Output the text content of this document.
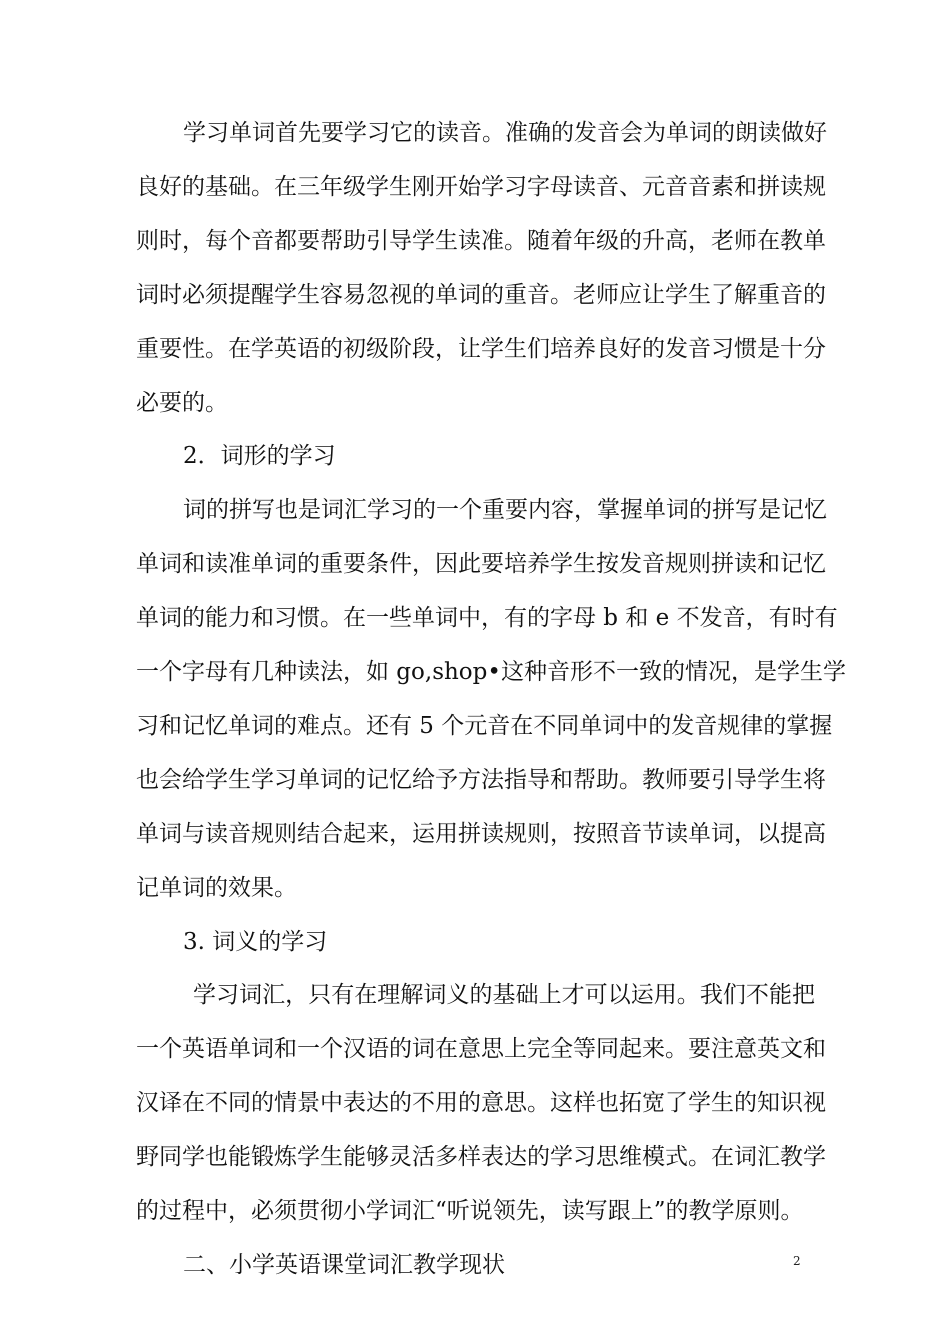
学习单词首先要学习它的读音。准确的发音会为单词的朗读做好
良好的基础。在三年级学生刚开始学习字母读音、元音音素和拼读规
则时，每个音都要帮助引导学生读准。随着年级的升高，老师在教单
词时必须提醒学生容易忽视的单词的重音。老师应让学生了解重音的
重要性。在学英语的初级阶段，让学生们培养良好的发音习惯是十分
必要的。
2．词形的学习
词的拼写也是词汇学习的一个重要内容，掌握单词的拼写是记忆
单词和读准单词的重要条件，因此要培养学生按发音规则拼读和记忆
单词的能力和习惯。在一些单词中，有的字母 b 和 e 不发音，有时有
一个字母有几种读法，如 go,shop•这种音形不一致的情况，是学生学
习和记忆单词的难点。还有 5 个元音在不同单词中的发音规律的掌握
也会给学生学习单词的记忆给予方法指导和帮助。教师要引导学生将
单词与读音规则结合起来，运用拼读规则，按照音节读单词，以提高
记单词的效果。
3. 词义的学习
学习词汇，只有在理解词义的基础上才可以运用。我们不能把
一个英语单词和一个汉语的词在意思上完全等同起来。要注意英文和
汉译在不同的情景中表达的不用的意思。这样也拓宽了学生的知识视
野同学也能锻炼学生能够灵活多样表达的学习思维模式。在词汇教学
的过程中，必须贯彻小学词汇“听说领先，读写跟上”的教学原则。
二、小学英语课堂词汇教学现状	2
